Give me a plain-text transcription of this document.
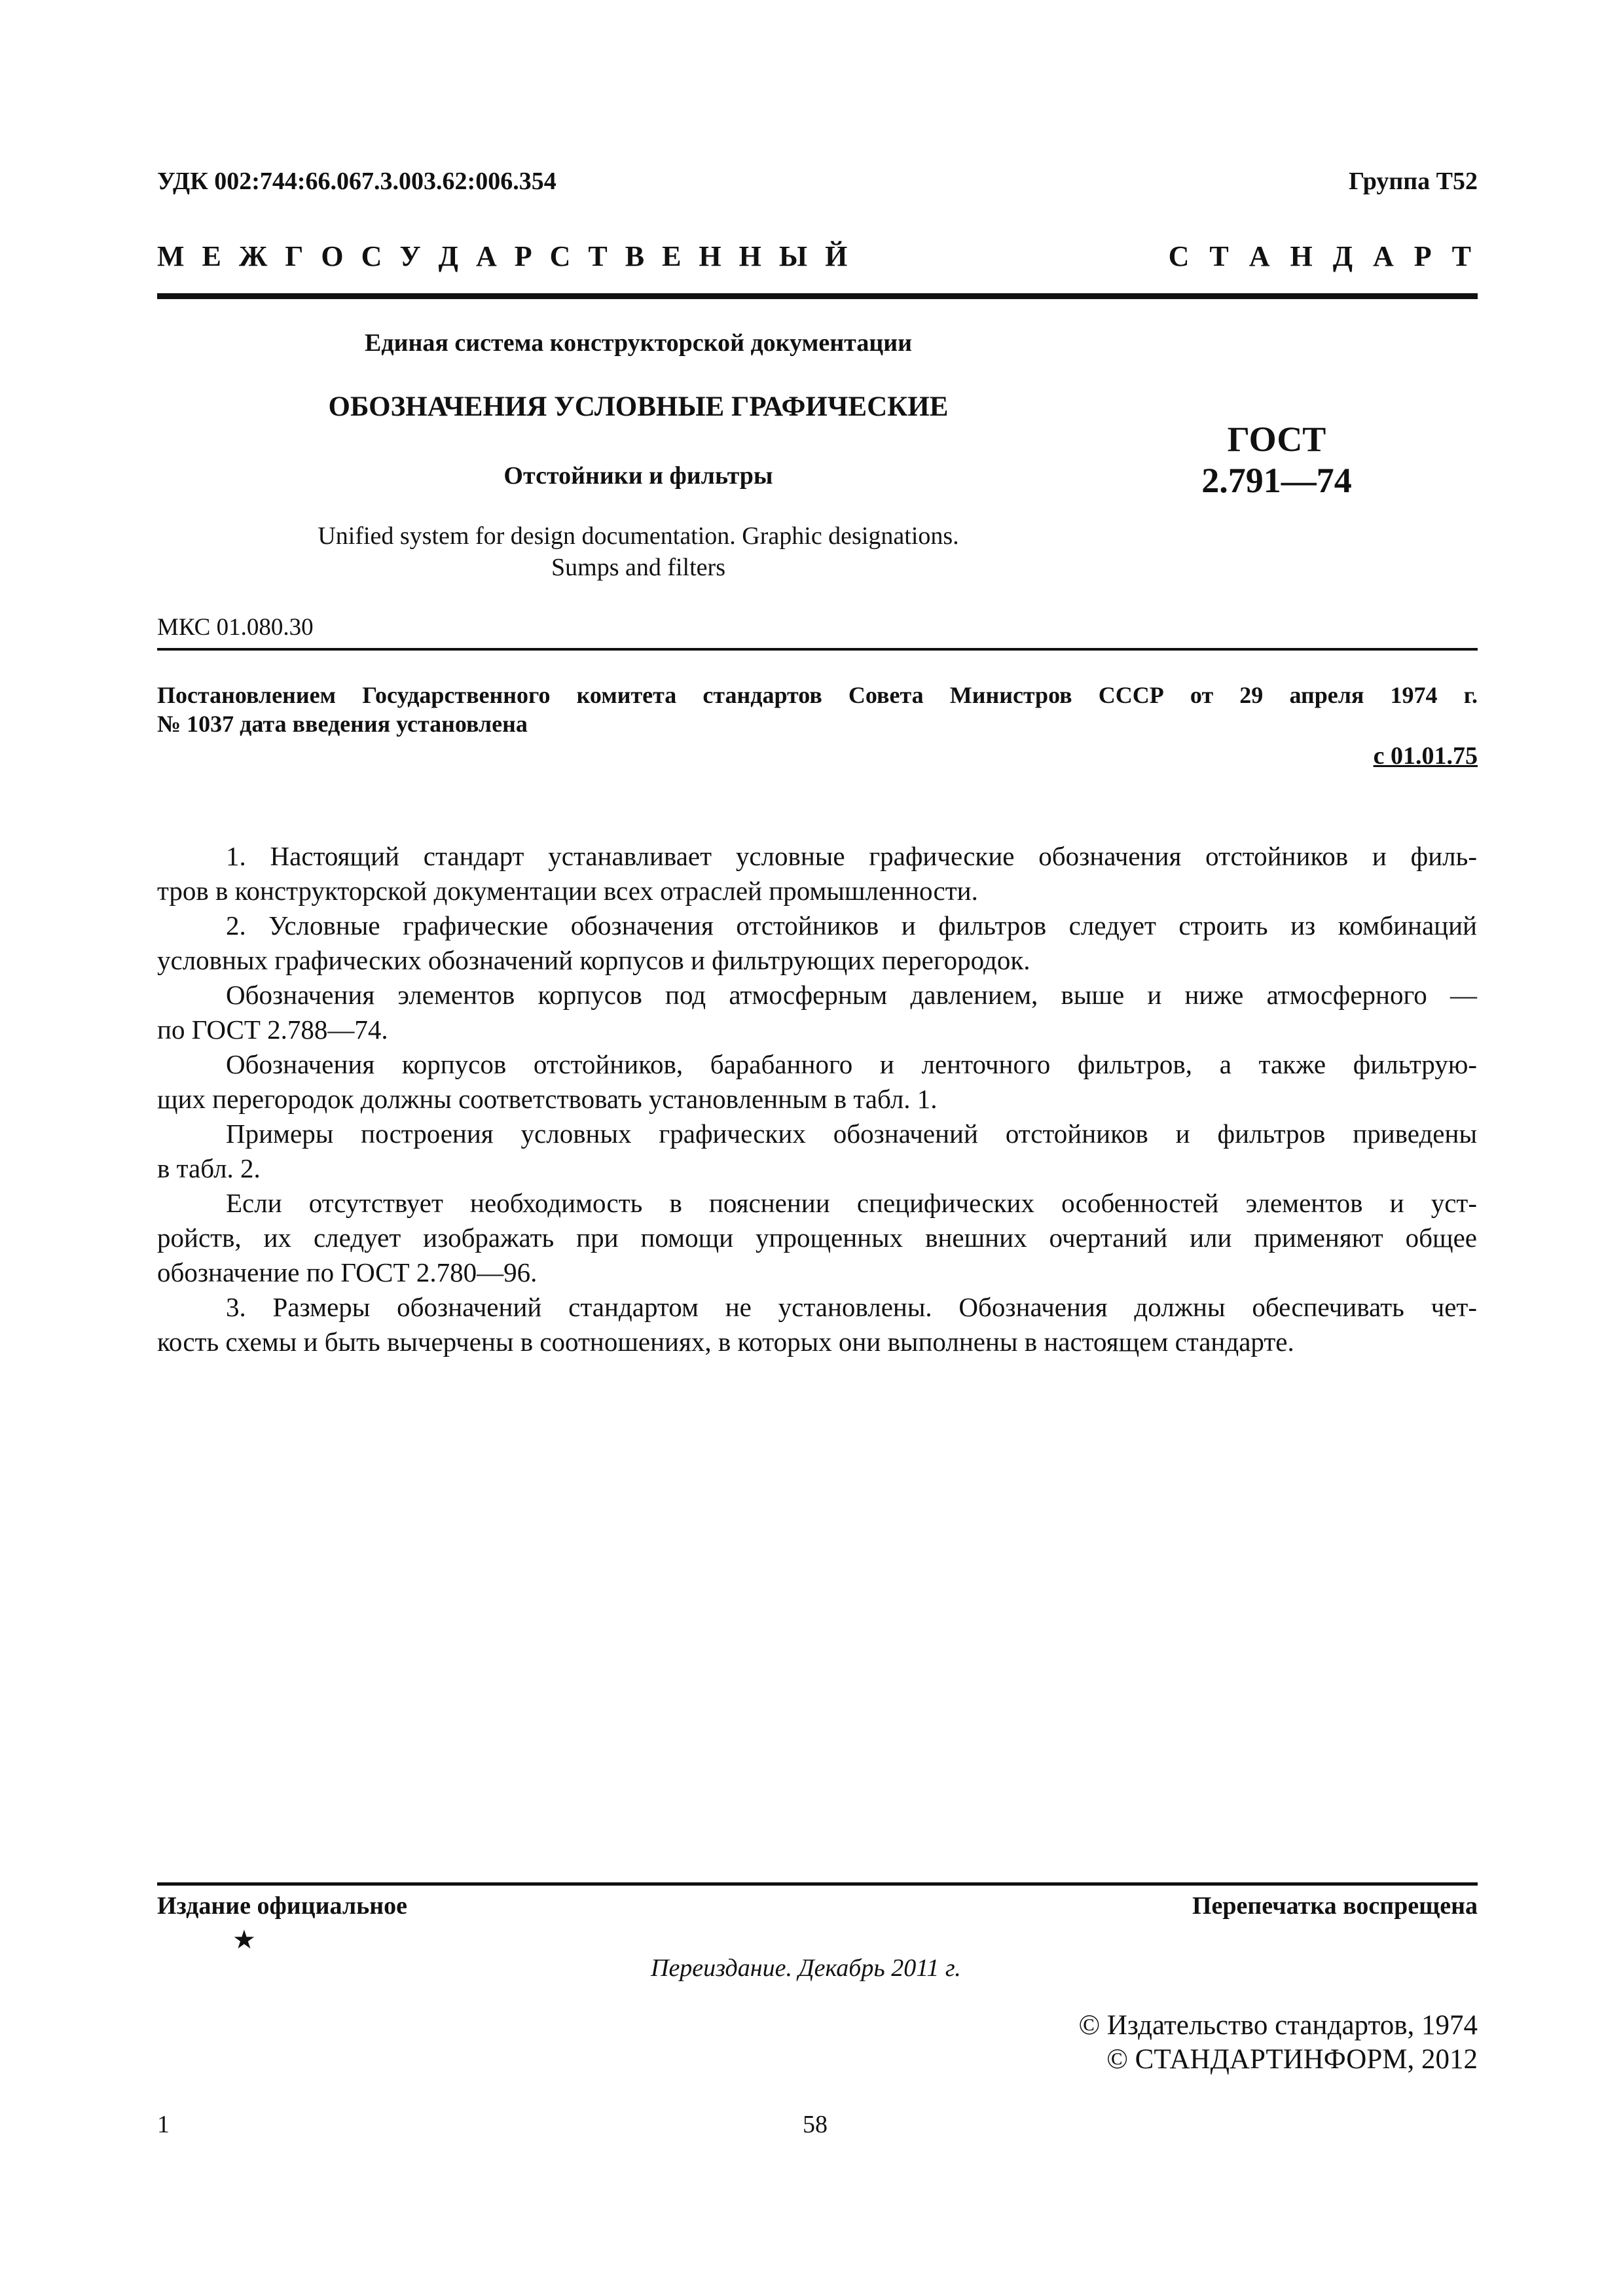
УДК 002:744:66.067.3.003.62:006.354	Группа Т52
М Е Ж Г О С У Д А Р С Т В Е Н Н Ы Й	С Т А Н Д А Р Т
Единая система конструкторской документации
ОБОЗНАЧЕНИЯ УСЛОВНЫЕ ГРАФИЧЕСКИЕ
Отстойники и фильтры
ГОСТ
2.791—74
Unified system for design documentation. Graphic designations.
Sumps and filters
МКС 01.080.30
Постановлением Государственного комитета стандартов Совета Министров СССР от 29 апреля 1974 г.
№ 1037 дата введения установлена
с 01.01.75
1. Настоящий стандарт устанавливает условные графические обозначения отстойников и филь-
тров в конструкторской документации всех отраслей промышленности.
2. Условные графические обозначения отстойников и фильтров следует строить из комбинаций
условных графических обозначений корпусов и фильтрующих перегородок.
Обозначения элементов корпусов под атмосферным давлением, выше и ниже атмосферного —
по ГОСТ 2.788—74.
Обозначения корпусов отстойников, барабанного и ленточного фильтров, а также фильтрую-
щих перегородок должны соответствовать установленным в табл. 1.
Примеры построения условных графических обозначений отстойников и фильтров приведены
в табл. 2.
Если отсутствует необходимость в пояснении специфических особенностей элементов и уст-
ройств, их следует изображать при помощи упрощенных внешних очертаний или применяют общее
обозначение по ГОСТ 2.780—96.
3. Размеры обозначений стандартом не установлены. Обозначения должны обеспечивать чет-
кость схемы и быть вычерчены в соотношениях, в которых они выполнены в настоящем стандарте.
Издание официальное
★
Перепечатка воспрещена
Переиздание. Декабрь 2011 г.
© Издательство стандартов, 1974
© СТАНДАРТИНФОРМ, 2012
1	58
